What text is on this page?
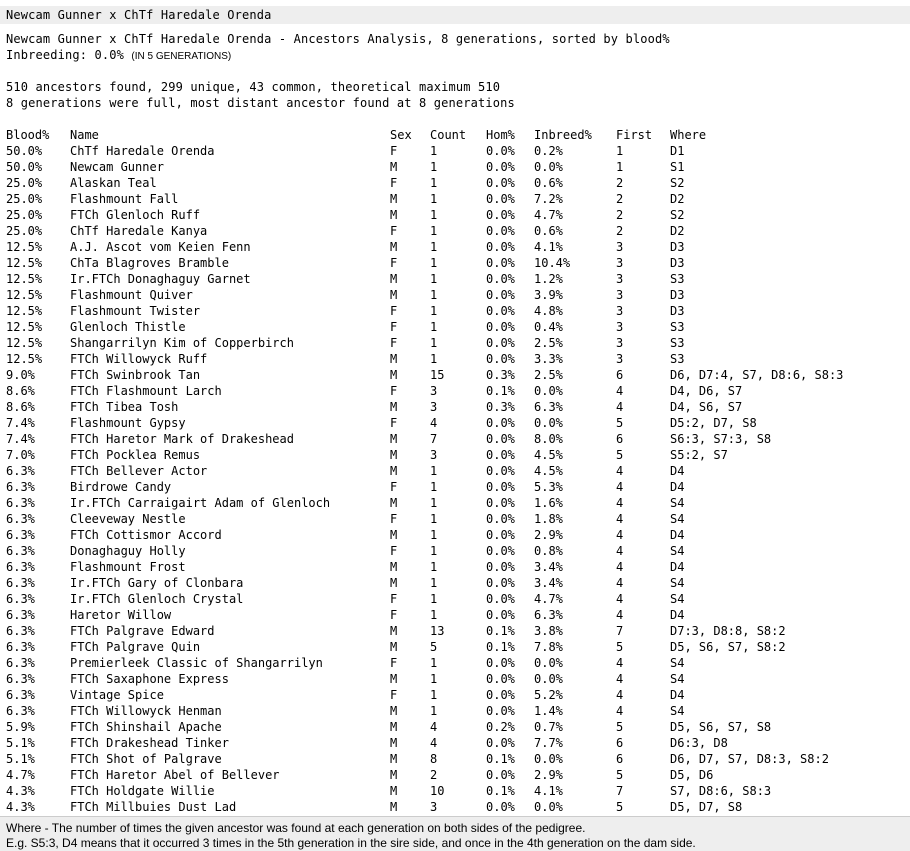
Newcam Gunner x ChTf Haredale Orenda
Newcam Gunner x ChTf Haredale Orenda - Ancestors Analysis, 8 generations, sorted by blood%
Inbreeding: 0.0% (IN 5 GENERATIONS)
510 ancestors found, 299 unique, 43 common, theoretical maximum 510
8 generations were full, most distant ancestor found at 8 generations
Blood%	Name	Sex	Count	Hom%	Inbreed%	First	Where
50.0%	ChTf Haredale Orenda	F	1	0.0%	0.2%	1	D1
50.0%	Newcam Gunner	M	1	0.0%	0.0%	1	S1
25.0%	Alaskan Teal	F	1	0.0%	0.6%	2	S2
25.0%	Flashmount Fall	M	1	0.0%	7.2%	2	D2
25.0%	FTCh Glenloch Ruff	M	1	0.0%	4.7%	2	S2
25.0%	ChTf Haredale Kanya	F	1	0.0%	0.6%	2	D2
12.5%	A.J. Ascot vom Keien Fenn	M	1	0.0%	4.1%	3	D3
12.5%	ChTa Blagroves Bramble	F	1	0.0%	10.4%	3	D3
12.5%	Ir.FTCh Donaghaguy Garnet	M	1	0.0%	1.2%	3	S3
12.5%	Flashmount Quiver	M	1	0.0%	3.9%	3	D3
12.5%	Flashmount Twister	F	1	0.0%	4.8%	3	D3
12.5%	Glenloch Thistle	F	1	0.0%	0.4%	3	S3
12.5%	Shangarrilyn Kim of Copperbirch	F	1	0.0%	2.5%	3	S3
12.5%	FTCh Willowyck Ruff	M	1	0.0%	3.3%	3	S3
9.0%	FTCh Swinbrook Tan	M	15	0.3%	2.5%	6	D6, D7:4, S7, D8:6, S8:3
8.6%	FTCh Flashmount Larch	F	3	0.1%	0.0%	4	D4, D6, S7
8.6%	FTCh Tibea Tosh	M	3	0.3%	6.3%	4	D4, S6, S7
7.4%	Flashmount Gypsy	F	4	0.0%	0.0%	5	D5:2, D7, S8
7.4%	FTCh Haretor Mark of Drakeshead	M	7	0.0%	8.0%	6	S6:3, S7:3, S8
7.0%	FTCh Pocklea Remus	M	3	0.0%	4.5%	5	S5:2, S7
6.3%	FTCh Bellever Actor	M	1	0.0%	4.5%	4	D4
6.3%	Birdrowe Candy	F	1	0.0%	5.3%	4	D4
6.3%	Ir.FTCh Carraigairt Adam of Glenloch	M	1	0.0%	1.6%	4	S4
6.3%	Cleeveway Nestle	F	1	0.0%	1.8%	4	S4
6.3%	FTCh Cottismor Accord	M	1	0.0%	2.9%	4	D4
6.3%	Donaghaguy Holly	F	1	0.0%	0.8%	4	S4
6.3%	Flashmount Frost	M	1	0.0%	3.4%	4	D4
6.3%	Ir.FTCh Gary of Clonbara	M	1	0.0%	3.4%	4	S4
6.3%	Ir.FTCh Glenloch Crystal	F	1	0.0%	4.7%	4	S4
6.3%	Haretor Willow	F	1	0.0%	6.3%	4	D4
6.3%	FTCh Palgrave Edward	M	13	0.1%	3.8%	7	D7:3, D8:8, S8:2
6.3%	FTCh Palgrave Quin	M	5	0.1%	7.8%	5	D5, S6, S7, S8:2
6.3%	Premierleek Classic of Shangarrilyn	F	1	0.0%	0.0%	4	S4
6.3%	FTCh Saxaphone Express	M	1	0.0%	0.0%	4	S4
6.3%	Vintage Spice	F	1	0.0%	5.2%	4	D4
6.3%	FTCh Willowyck Henman	M	1	0.0%	1.4%	4	S4
5.9%	FTCh Shinshail Apache	M	4	0.2%	0.7%	5	D5, S6, S7, S8
5.1%	FTCh Drakeshead Tinker	M	4	0.0%	7.7%	6	D6:3, D8
5.1%	FTCh Shot of Palgrave	M	8	0.1%	0.0%	6	D6, D7, S7, D8:3, S8:2
4.7%	FTCh Haretor Abel of Bellever	M	2	0.0%	2.9%	5	D5, D6
4.3%	FTCh Holdgate Willie	M	10	0.1%	4.1%	7	S7, D8:6, S8:3
4.3%	FTCh Millbuies Dust Lad	M	3	0.0%	0.0%	5	D5, D7, S8
Where - The number of times the given ancestor was found at each generation on both sides of the pedigree.
E.g. S5:3, D4 means that it occurred 3 times in the 5th generation in the sire side, and once in the 4th generation on the dam side.
